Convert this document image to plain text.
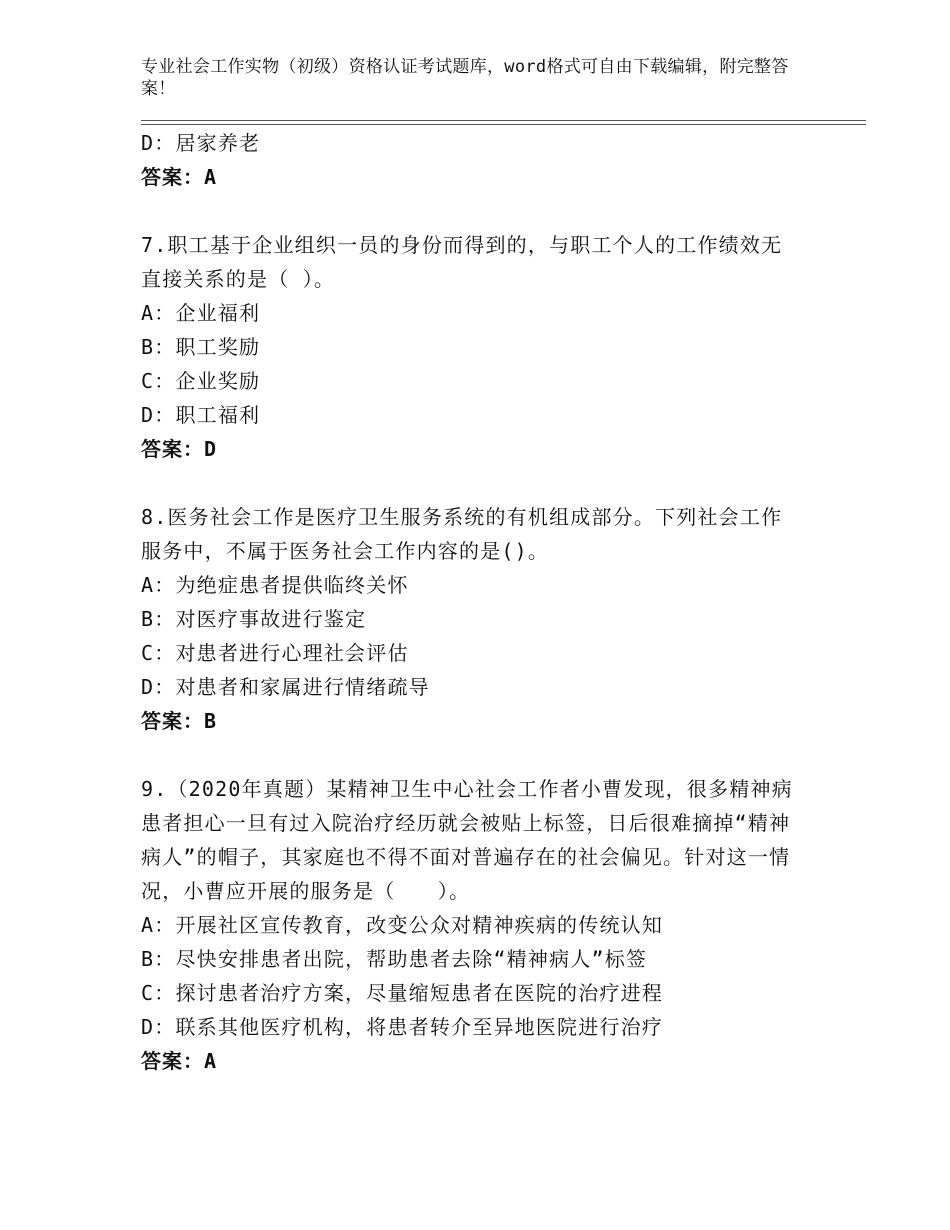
专业社会工作实物（初级）资格认证考试题库，word格式可自由下载编辑，附完整答案！
D：居家养老
答案：A
7.职工基于企业组织一员的身份而得到的，与职工个人的工作绩效无直接关系的是（ ）。
A：企业福利
B：职工奖励
C：企业奖励
D：职工福利
答案：D
8.医务社会工作是医疗卫生服务系统的有机组成部分。下列社会工作服务中，不属于医务社会工作内容的是()。
A：为绝症患者提供临终关怀
B：对医疗事故进行鉴定
C：对患者进行心理社会评估
D：对患者和家属进行情绪疏导
答案：B
9.（2020年真题）某精神卫生中心社会工作者小曹发现，很多精神病患者担心一旦有过入院治疗经历就会被贴上标签，日后很难摘掉“精神病人”的帽子，其家庭也不得不面对普遍存在的社会偏见。针对这一情况，小曹应开展的服务是（　　）。
A：开展社区宣传教育，改变公众对精神疾病的传统认知
B：尽快安排患者出院，帮助患者去除“精神病人”标签
C：探讨患者治疗方案，尽量缩短患者在医院的治疗进程
D：联系其他医疗机构，将患者转介至异地医院进行治疗
答案：A
